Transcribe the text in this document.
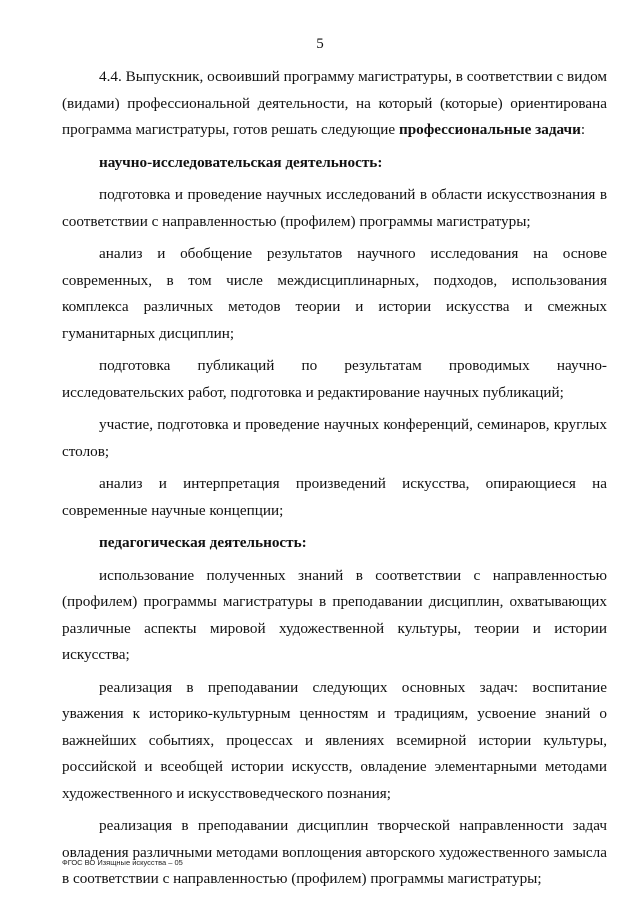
5

4.4. Выпускник, освоивший программу магистратуры, в соответствии с видом (видами) профессиональной деятельности, на который (которые) ориентирована программа магистратуры, готов решать следующие профессиональные задачи:

научно-исследовательская деятельность:

подготовка и проведение научных исследований в области искусствознания в соответствии с направленностью (профилем) программы магистратуры;

анализ и обобщение результатов научного исследования на основе современных, в том числе междисциплинарных, подходов, использования комплекса различных методов теории и истории искусства и смежных гуманитарных дисциплин;

подготовка публикаций по результатам проводимых научно-исследовательских работ, подготовка и редактирование научных публикаций;

участие, подготовка и проведение научных конференций, семинаров, круглых столов;

анализ и интерпретация произведений искусства, опирающиеся на современные научные концепции;

педагогическая деятельность:

использование полученных знаний в соответствии с направленностью (профилем) программы магистратуры в преподавании дисциплин, охватывающих различные аспекты мировой художественной культуры, теории и истории искусства;

реализация в преподавании следующих основных задач: воспитание уважения к историко-культурным ценностям и традициям, усвоение знаний о важнейших событиях, процессах и явлениях всемирной истории культуры, российской и всеобщей истории искусств, овладение элементарными методами художественного и искусствоведческого познания;

реализация в преподавании дисциплин творческой направленности задач овладения различными методами воплощения авторского художественного замысла в соответствии с направленностью (профилем) программы магистратуры;

ФГОС ВО Изящные искусства – 05
